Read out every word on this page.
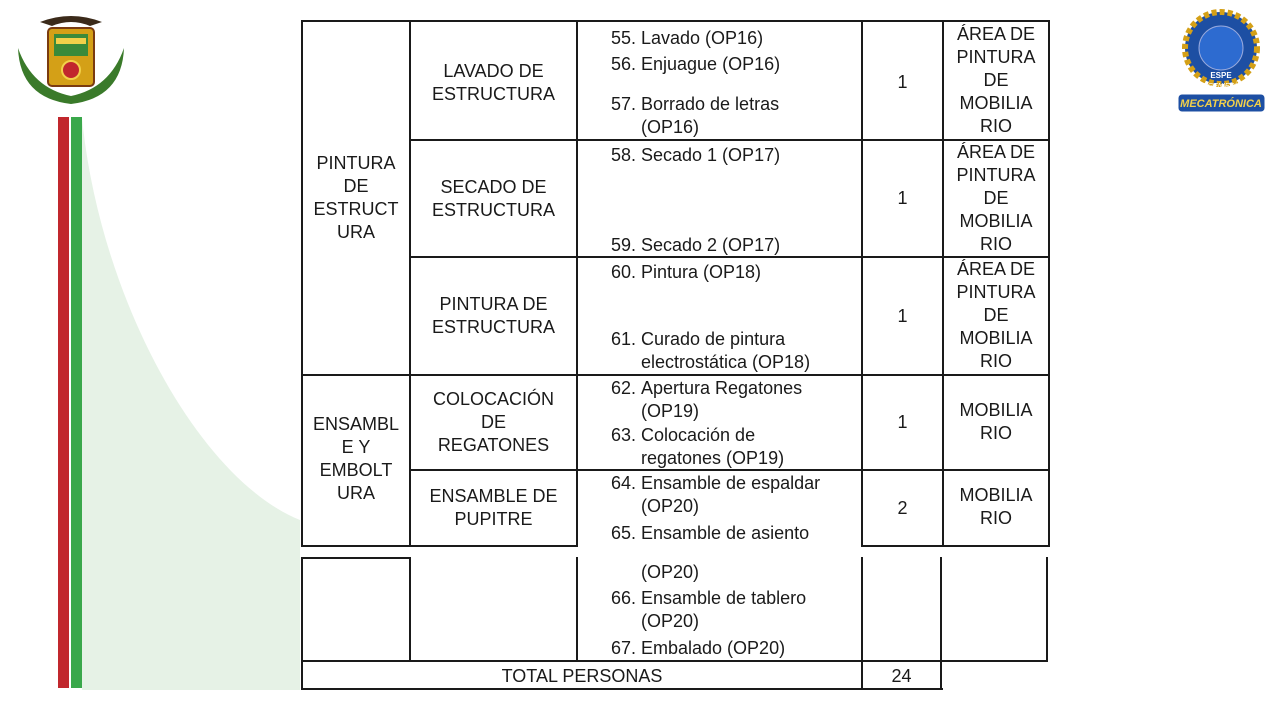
ESPE
INGENIERÍA
MECATRÓNICA
PINTURA
DE
ESTRUCT
URA
ENSAMBL
E Y
EMBOLT
URA
LAVADO DE
ESTRUCTURA
SECADO DE
ESTRUCTURA
PINTURA DE
ESTRUCTURA
COLOCACIÓN
DE
REGATONES
ENSAMBLE DE
PUPITRE
55. Lavado (OP16)
56. Enjuague (OP16)
57. Borrado de letras
(OP16)
58. Secado 1 (OP17)
59. Secado 2 (OP17)
60. Pintura (OP18)
61. Curado de pintura
electrostática (OP18)
62. Apertura Regatones
(OP19)
63. Colocación de
regatones (OP19)
64. Ensamble de espaldar
(OP20)
65. Ensamble de asiento
(OP20)
66. Ensamble de tablero
(OP20)
67. Embalado (OP20)
1
1
1
1
2
ÁREA DE
PINTURA
DE
MOBILIA
RIO
ÁREA DE
PINTURA
DE
MOBILIA
RIO
ÁREA DE
PINTURA
DE
MOBILIA
RIO
MOBILIA
RIO
MOBILIA
RIO
TOTAL PERSONAS	24
